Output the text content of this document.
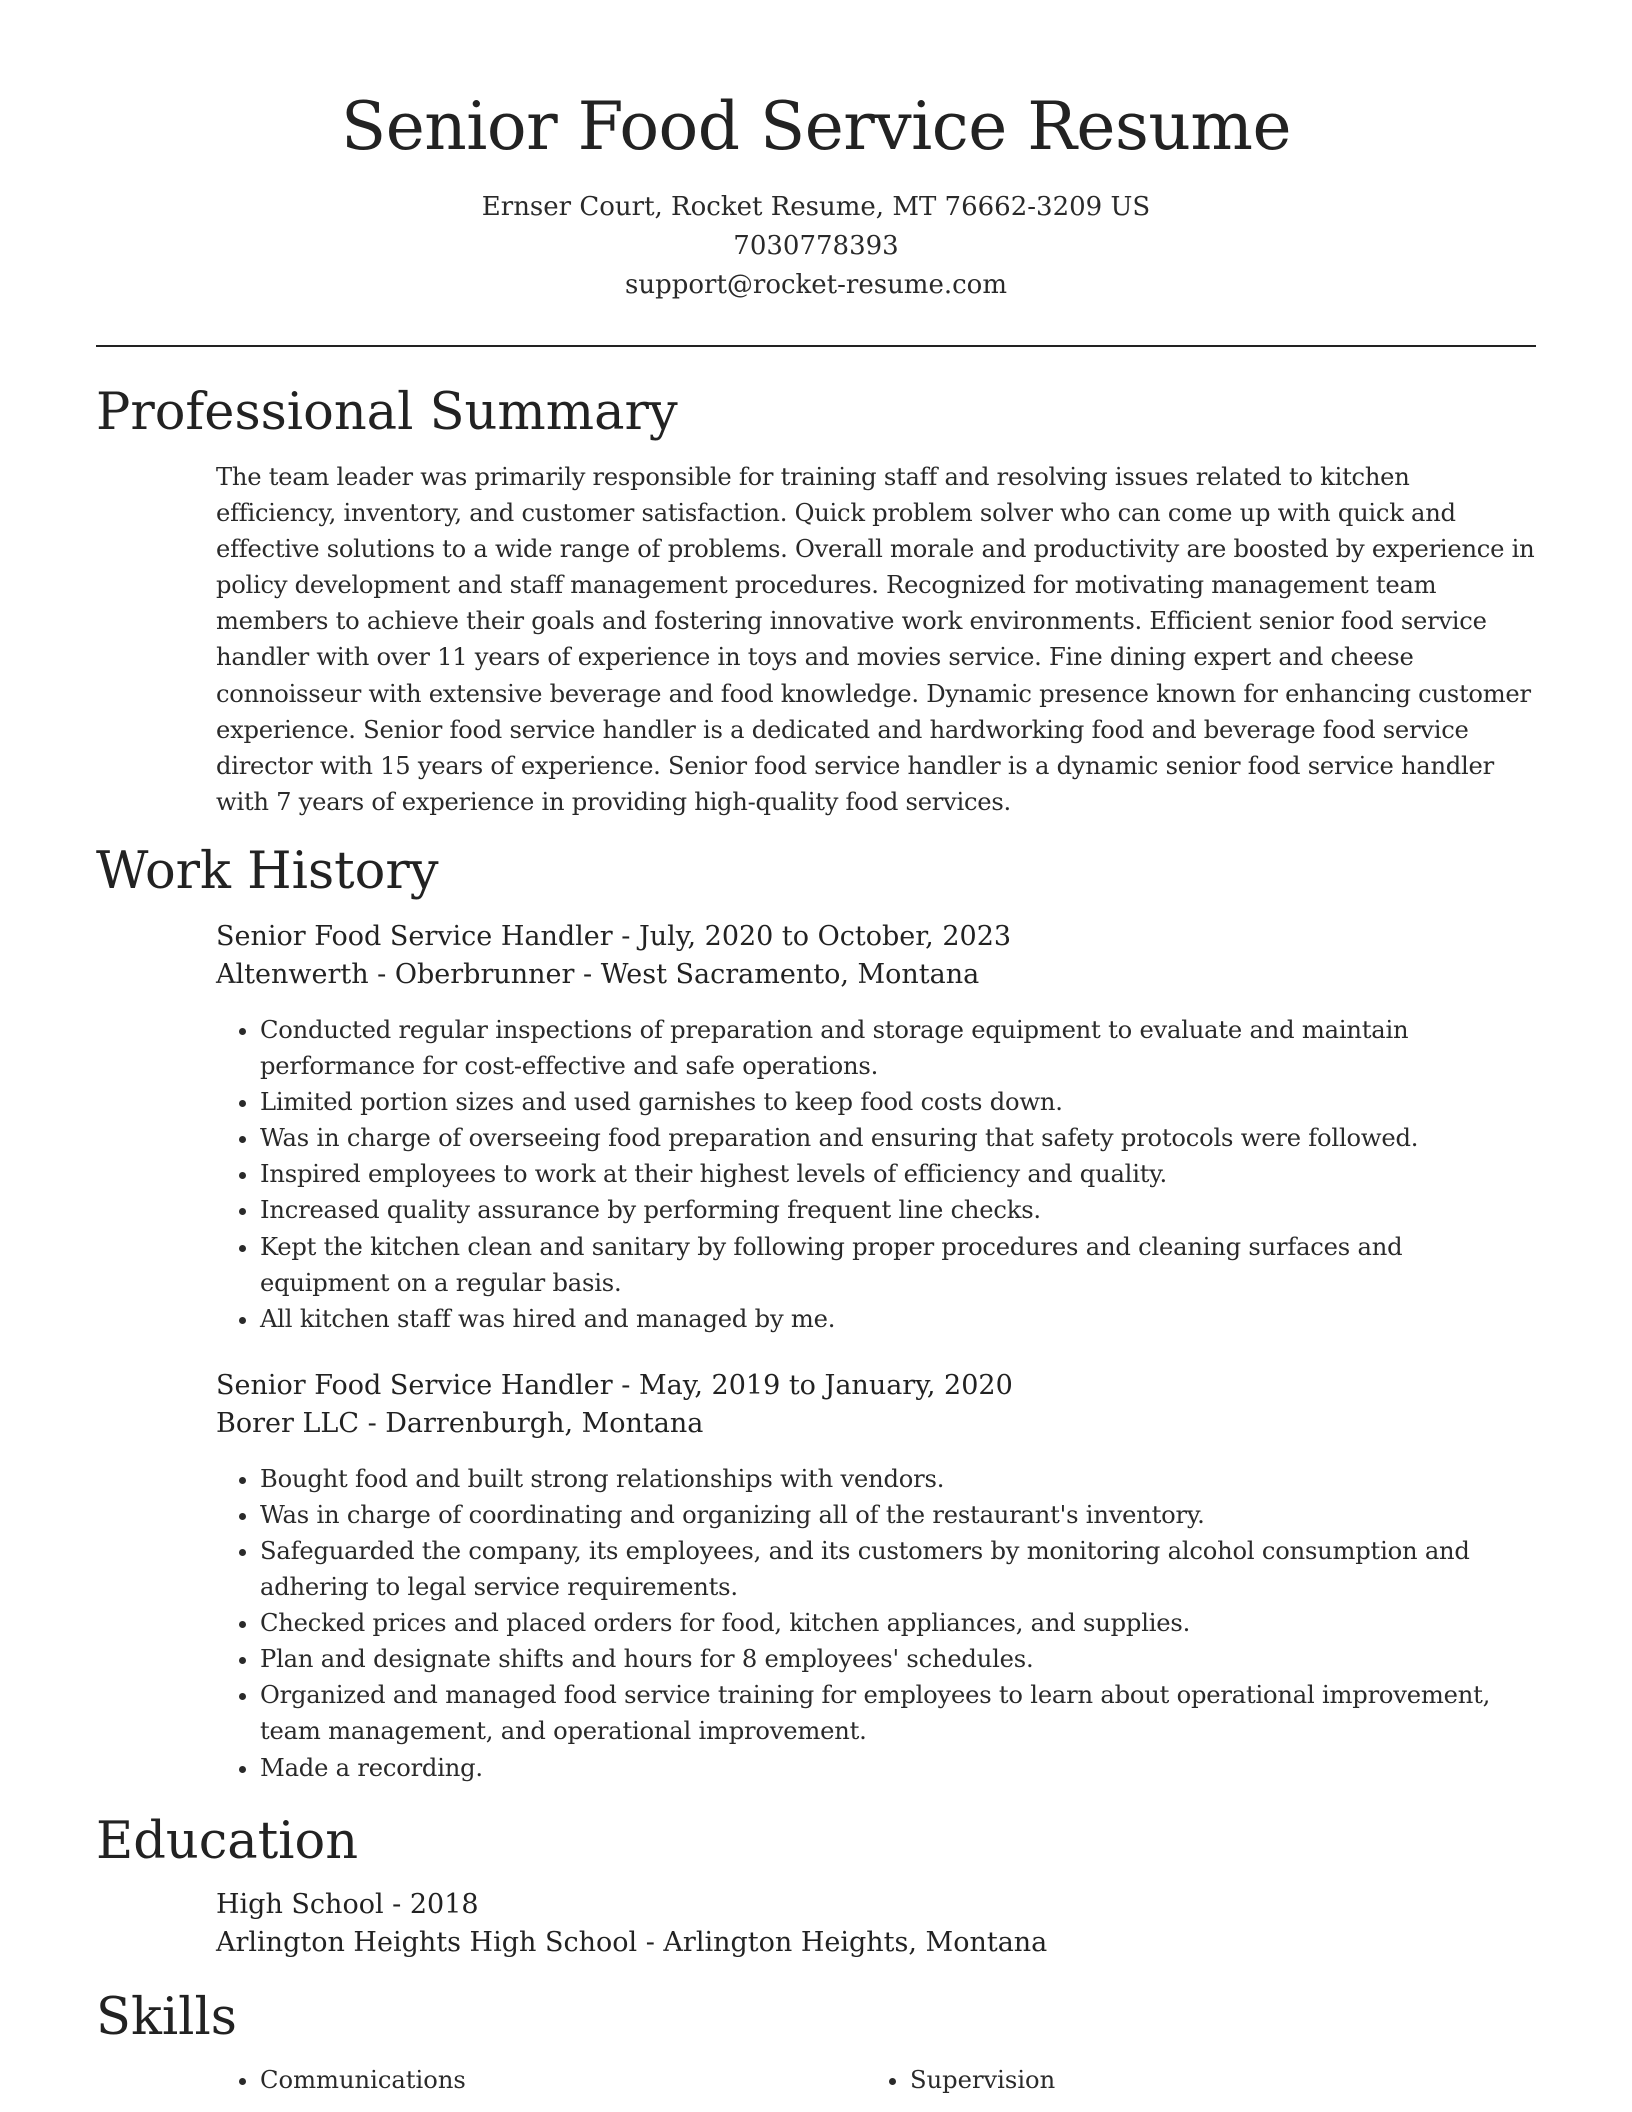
Senior Food Service Resume
Ernser Court, Rocket Resume, MT 76662-3209 US
7030778393
support@rocket-resume.com
Professional Summary

The team leader was primarily responsible for training staff and resolving issues related to kitchen efficiency, inventory, and customer satisfaction. Quick problem solver who can come up with quick and effective solutions to a wide range of problems. Overall morale and productivity are boosted by experience in policy development and staff management procedures. Recognized for motivating management team members to achieve their goals and fostering innovative work environments. Efficient senior food service handler with over 11 years of experience in toys and movies service. Fine dining expert and cheese connoisseur with extensive beverage and food knowledge. Dynamic presence known for enhancing customer experience. Senior food service handler is a dedicated and hardworking food and beverage food service director with 15 years of experience. Senior food service handler is a dynamic senior food service handler with 7 years of experience in providing high-quality food services.

Work History

Senior Food Service Handler - July, 2020 to October, 2023

Altenwerth - Oberbrunner - West Sacramento, Montana

• Conducted regular inspections of preparation and storage equipment to evaluate and maintain performance for cost-effective and safe operations.
• Limited portion sizes and used garnishes to keep food costs down.
• Was in charge of overseeing food preparation and ensuring that safety protocols were followed.
• Inspired employees to work at their highest levels of efficiency and quality.
• Increased quality assurance by performing frequent line checks.
• Kept the kitchen clean and sanitary by following proper procedures and cleaning surfaces and equipment on a regular basis.
• All kitchen staff was hired and managed by me.

Senior Food Service Handler - May, 2019 to January, 2020

Borer LLC - Darrenburgh, Montana

• Bought food and built strong relationships with vendors.
• Was in charge of coordinating and organizing all of the restaurant's inventory.
• Safeguarded the company, its employees, and its customers by monitoring alcohol consumption and adhering to legal service requirements.
• Checked prices and placed orders for food, kitchen appliances, and supplies.
• Plan and designate shifts and hours for 8 employees' schedules.
• Organized and managed food service training for employees to learn about operational improvement, team management, and operational improvement.
• Made a recording.
Education

High School - 2018

Arlington Heights High School - Arlington Heights, Montana

Skills
• Communications
•	Supervision
